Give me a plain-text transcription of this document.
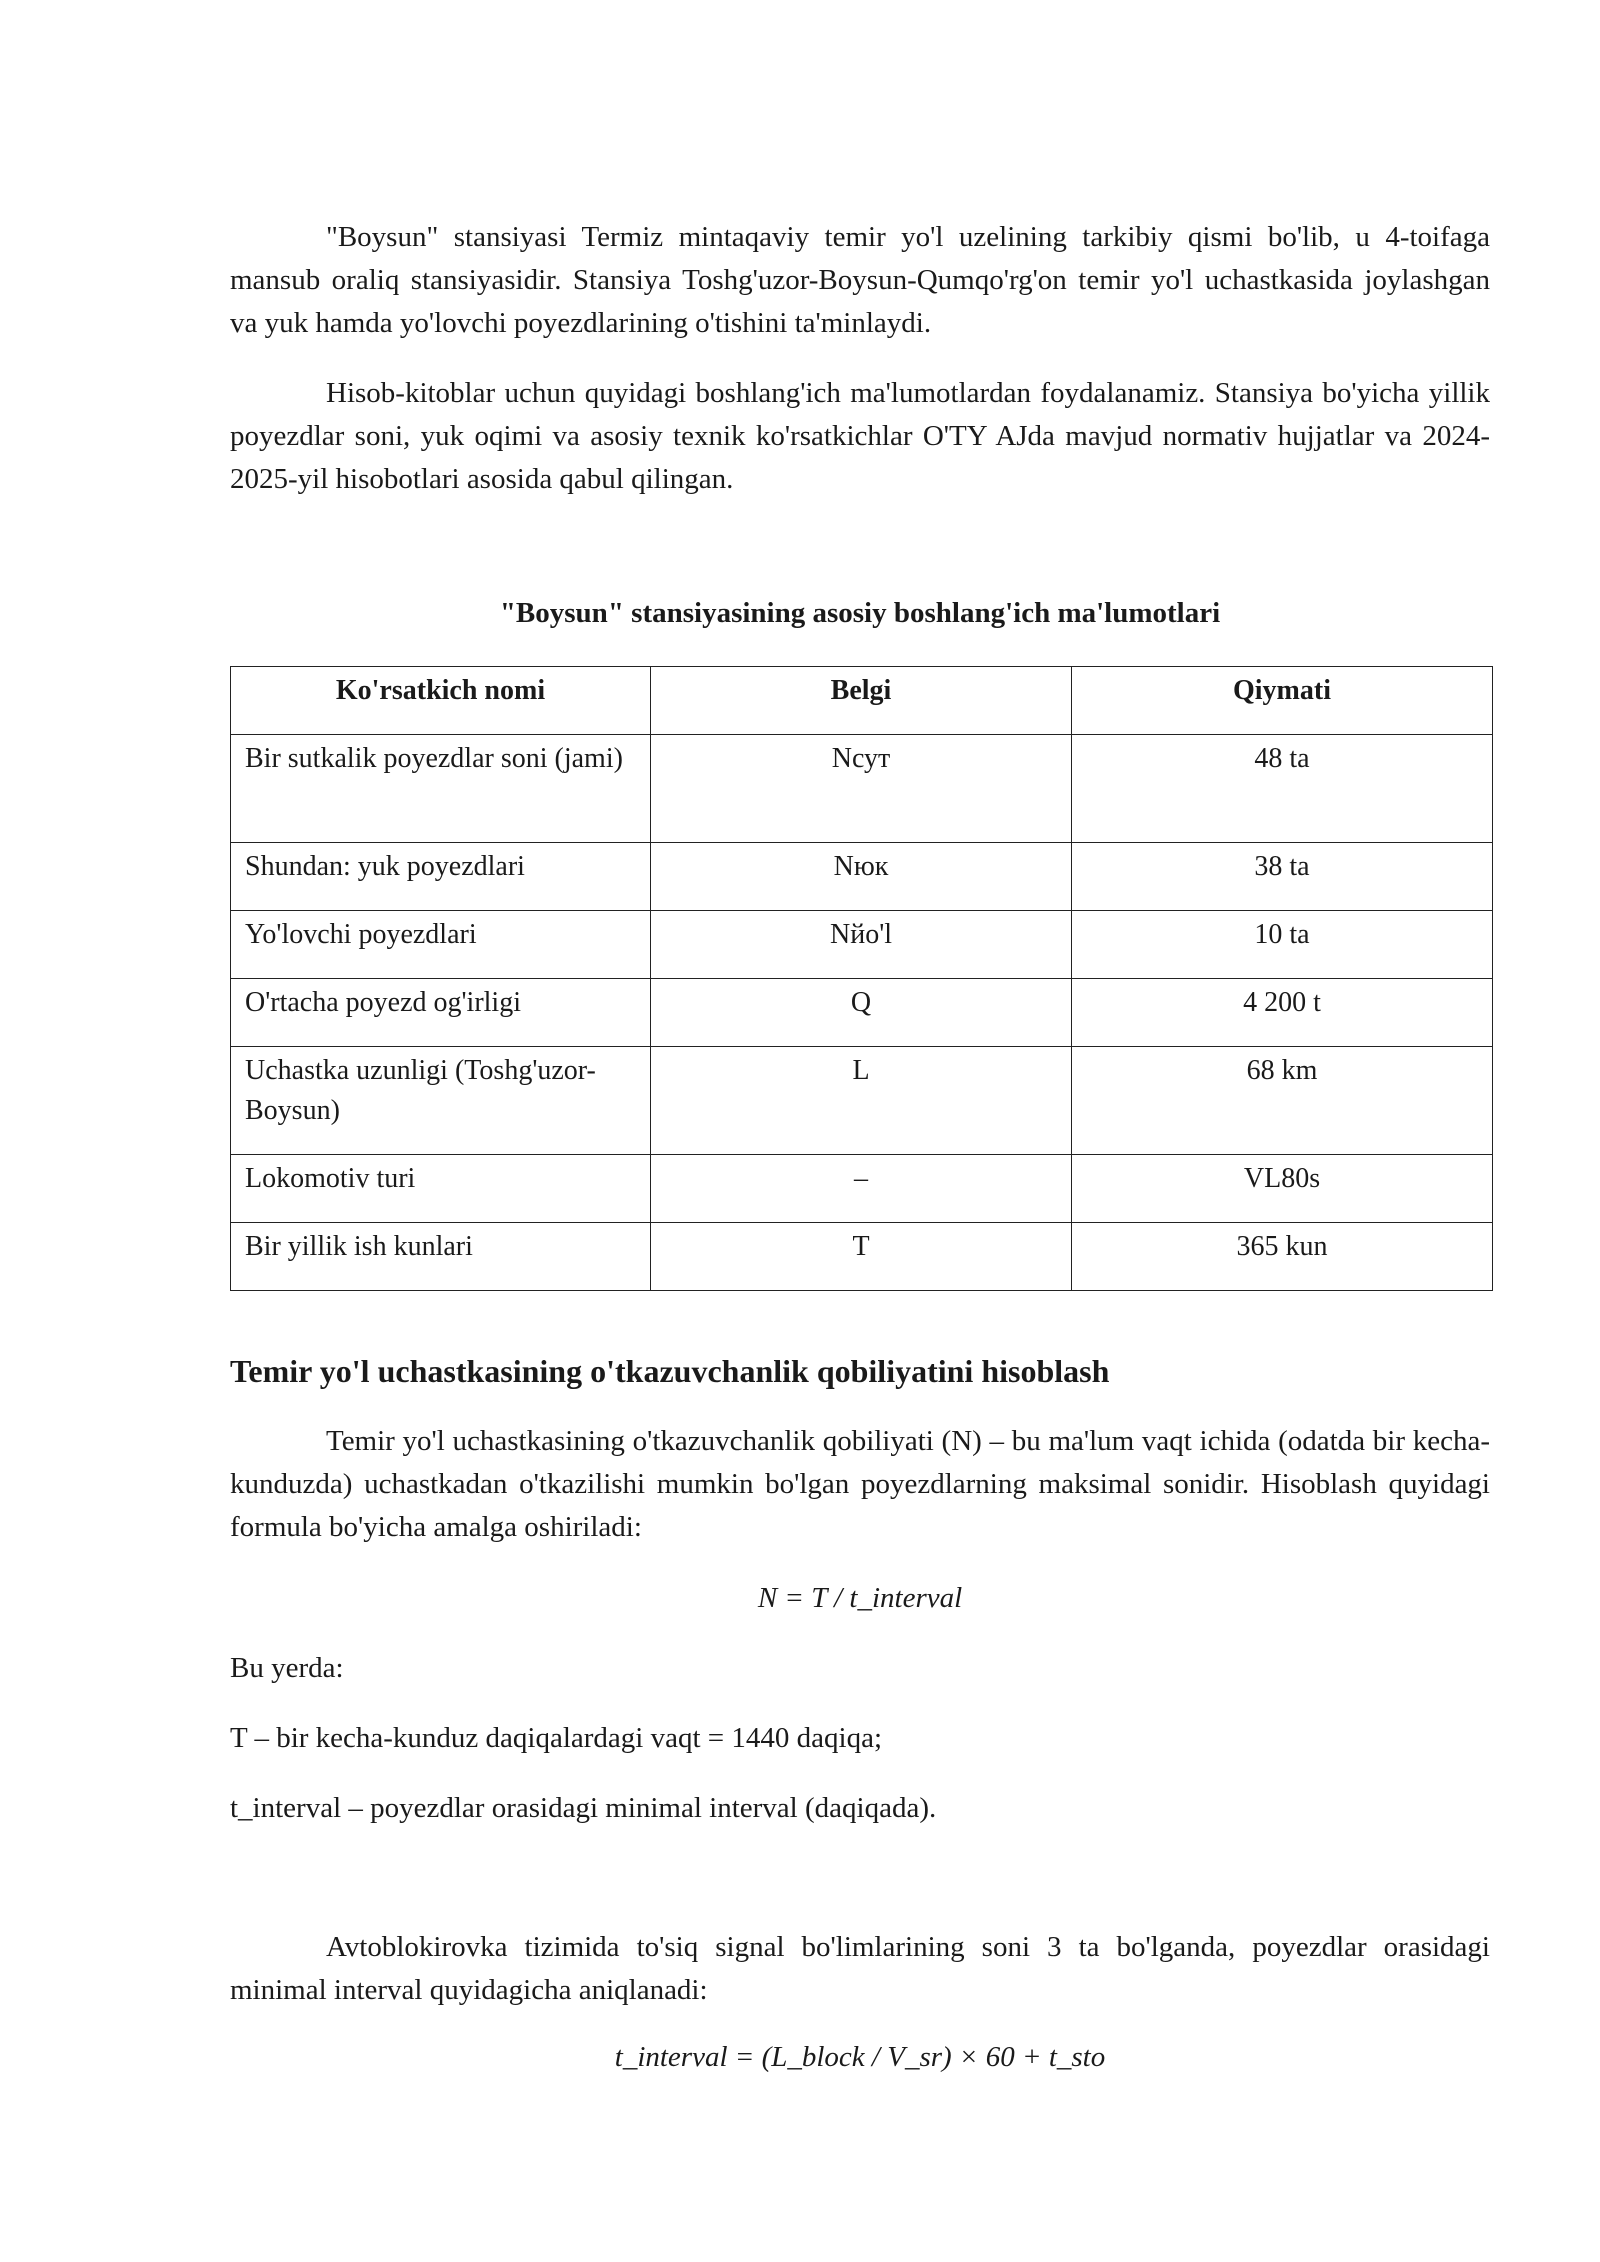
"Boysun" stansiyasi Termiz mintaqaviy temir yo'l uzelining tarkibiy qismi bo'lib, u 4-toifaga mansub oraliq stansiyasidir. Stansiya Toshg'uzor-Boysun-Qumqo'rg'on temir yo'l uchastkasida joylashgan va yuk hamda yo'lovchi poyezdlarining o'tishini ta'minlaydi.

Hisob-kitoblar uchun quyidagi boshlang'ich ma'lumotlardan foydalanamiz. Stansiya bo'yicha yillik poyezdlar soni, yuk oqimi va asosiy texnik ko'rsatkichlar O'TY AJda mavjud normativ hujjatlar va 2024-2025-yil hisobotlari asosida qabul qilingan.

"Boysun" stansiyasining asosiy boshlang'ich ma'lumotlari

Ko'rsatkich nomi	Belgi	Qiymati
Bir sutkalik poyezdlar soni (jami)	Nсут	48 ta
Shundan: yuk poyezdlari	Nюк	38 ta
Yo'lovchi poyezdlari	Nйо'l	10 ta
O'rtacha poyezd og'irligi	Q	4 200 t
Uchastka uzunligi (Toshg'uzor-Boysun)	L	68 km
Lokomotiv turi	–	VL80s
Bir yillik ish kunlari	T	365 kun
Temir yo'l uchastkasining o'tkazuvchanlik qobiliyatini hisoblash

Temir yo'l uchastkasining o'tkazuvchanlik qobiliyati (N) – bu ma'lum vaqt ichida (odatda bir kecha-kunduzda) uchastkadan o'tkazilishi mumkin bo'lgan poyezdlarning maksimal sonidir. Hisoblash quyidagi formula bo'yicha amalga oshiriladi:

N = T / t_interval

Bu yerda:

T – bir kecha-kunduz daqiqalardagi vaqt = 1440 daqiqa;

t_interval – poyezdlar orasidagi minimal interval (daqiqada).

Avtoblokirovka tizimida to'siq signal bo'limlarining soni 3 ta bo'lganda, poyezdlar orasidagi minimal interval quyidagicha aniqlanadi:

t_interval = (L_block / V_sr) × 60 + t_sto
